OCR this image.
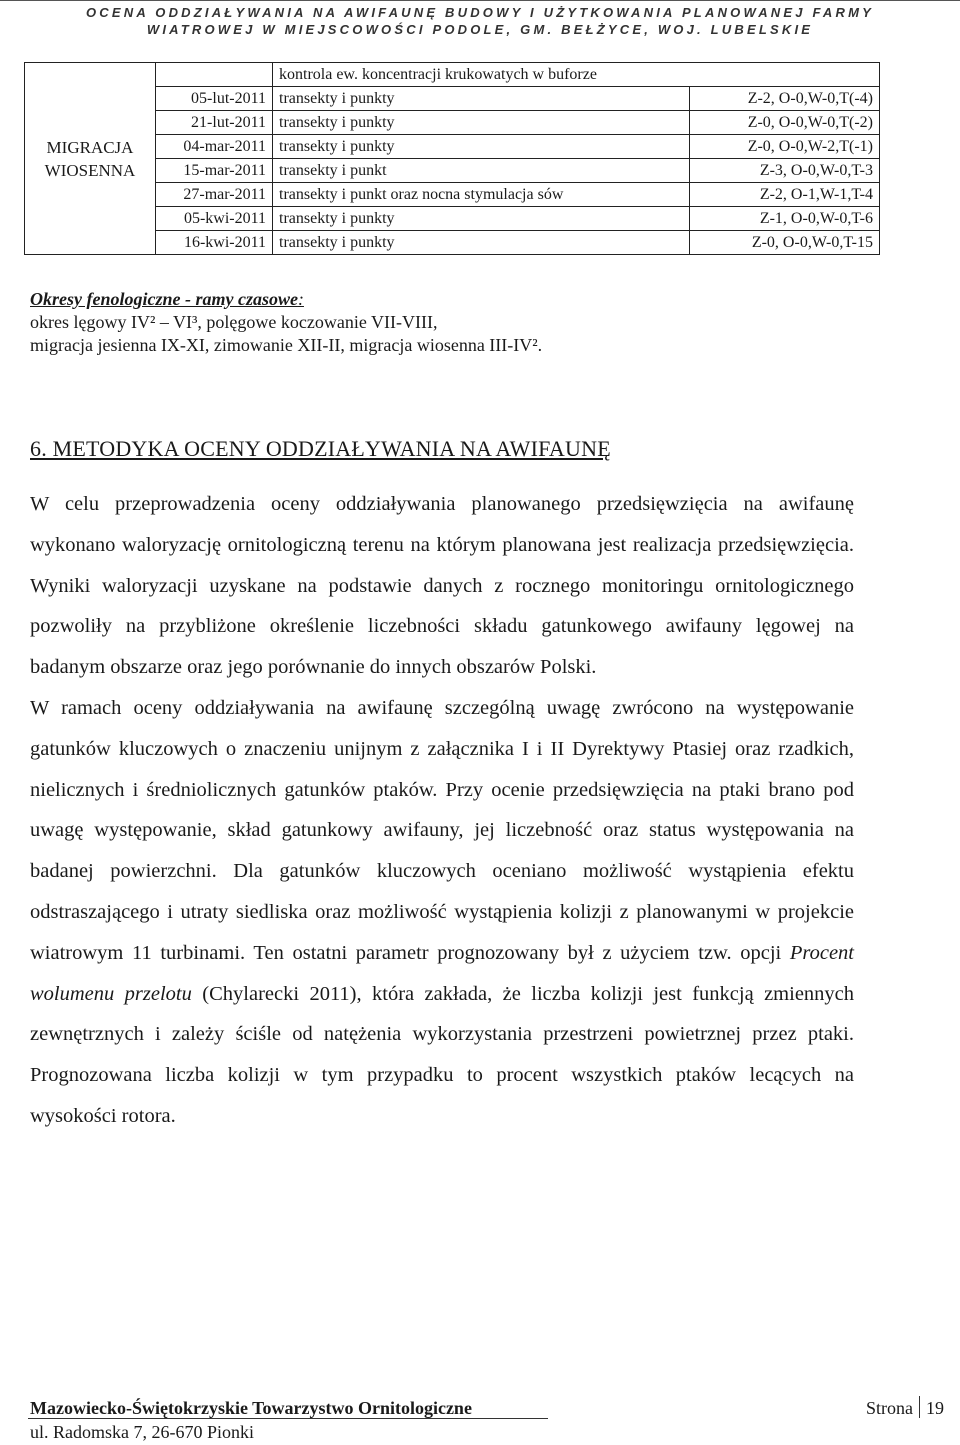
OCENA ODDZIAŁYWANIA NA AWIFAUNĘ BUDOWY I UŻYTKOWANIA PLANOWANEJ FARMY
WIATROWEJ W MIEJSCOWOŚCI PODOLE, GM. BEŁŻYCE, WOJ. LUBELSKIE
MIGRACJA
WIOSENNA		kontrola ew. koncentracji krukowatych w buforze	
	05-lut-2011	transekty i punkty	Z-2, O-0,W-0,T(-4)
	21-lut-2011	transekty i punkty	Z-0, O-0,W-0,T(-2)
	04-mar-2011	transekty i punkty	Z-0, O-0,W-2,T(-1)
	15-mar-2011	transekty i punkt	Z-3, O-0,W-0,T-3
	27-mar-2011	transekty i punkt oraz nocna stymulacja sów	Z-2, O-1,W-1,T-4
	05-kwi-2011	transekty i punkty	Z-1, O-0,W-0,T-6
	16-kwi-2011	transekty i punkty	Z-0, O-0,W-0,T-15
Okresy fenologiczne - ramy czasowe:
okres lęgowy IV² – VI³, polęgowe koczowanie VII-VIII,
migracja jesienna IX-XI, zimowanie XII-II, migracja wiosenna III-IV².
6. METODYKA OCENY ODDZIAŁYWANIA NA AWIFAUNĘ

W celu przeprowadzenia oceny oddziaływania planowanego przedsięwzięcia na awifaunę wykonano waloryzację ornitologiczną terenu na którym planowana jest realizacja przedsięwzięcia. Wyniki waloryzacji uzyskane na podstawie danych z rocznego monitoringu ornitologicznego pozwoliły na przybliżone określenie liczebności składu gatunkowego awifauny lęgowej na badanym obszarze oraz jego porównanie do innych obszarów Polski.

W ramach oceny oddziaływania na awifaunę szczególną uwagę zwrócono na występowanie gatunków kluczowych o znaczeniu unijnym z załącznika I i II Dyrektywy Ptasiej oraz rzadkich, nielicznych i średniolicznych gatunków ptaków. Przy ocenie przedsięwzięcia na ptaki brano pod uwagę występowanie, skład gatunkowy awifauny, jej liczebność oraz status występowania na badanej powierzchni. Dla gatunków kluczowych oceniano możliwość wystąpienia efektu odstraszającego i utraty siedliska oraz możliwość wystąpienia kolizji z planowanymi w projekcie wiatrowym 11 turbinami. Ten ostatni parametr prognozowany był z użyciem tzw. opcji Procent wolumenu przelotu (Chylarecki 2011), która zakłada, że liczba kolizji jest funkcją zmiennych zewnętrznych i zależy ściśle od natężenia wykorzystania przestrzeni powietrznej przez ptaki. Prognozowana liczba kolizji w tym przypadku to procent wszystkich ptaków lecących na wysokości rotora.

Mazowiecko-Świętokrzyskie Towarzystwo Ornitologiczne
ul. Radomska 7, 26-670 Pionki
Strona 19
